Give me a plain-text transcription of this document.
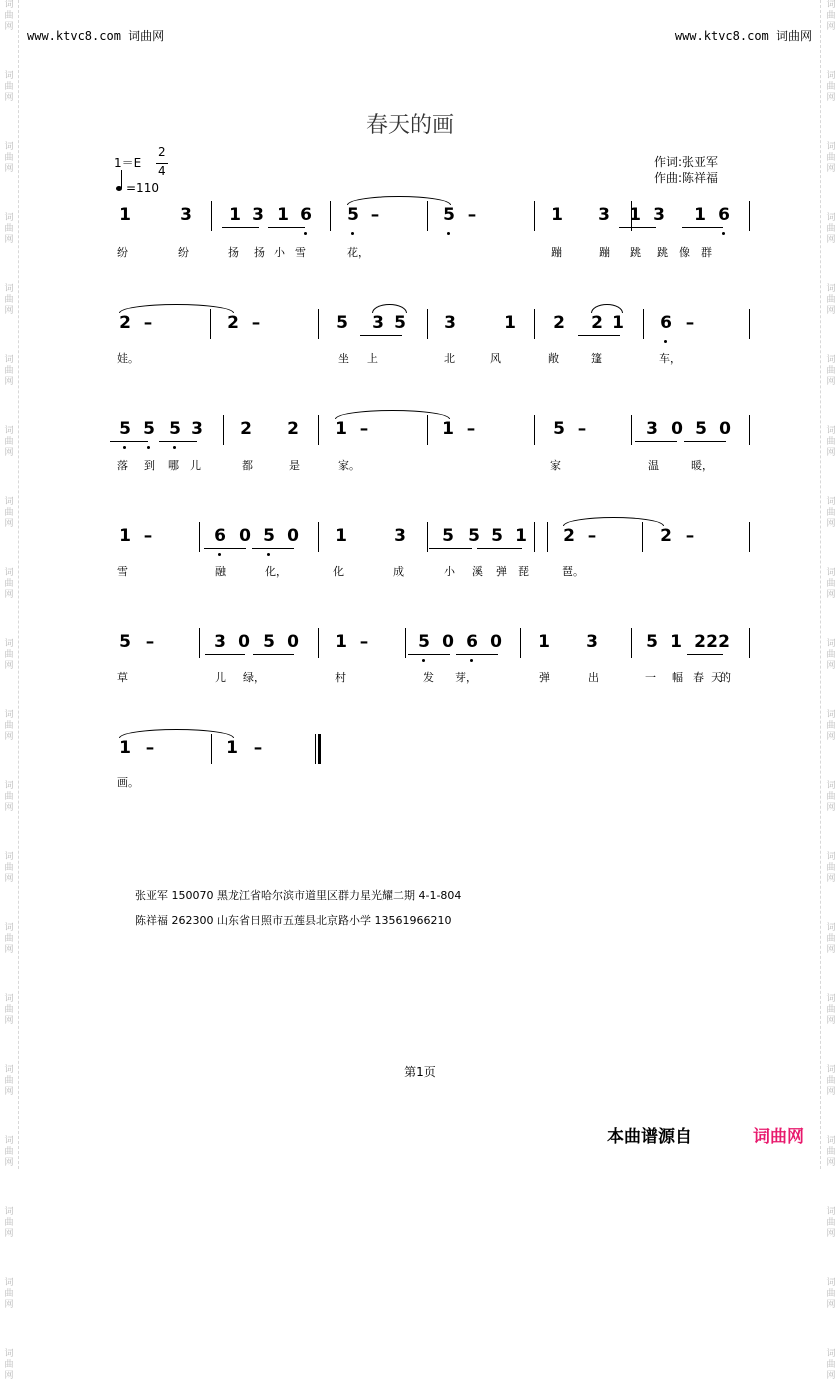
词曲网
词曲网
词曲网
词曲网
词曲网
词曲网
词曲网
词曲网
词曲网
词曲网
词曲网
词曲网
词曲网
词曲网
词曲网
词曲网
词曲网
词曲网
词曲网
词曲网
词曲网
词曲网
词曲网
词曲网
词曲网
词曲网
词曲网
词曲网
词曲网
词曲网
词曲网
词曲网
词曲网
词曲网
词曲网
词曲网
词曲网
词曲网
词曲网
词曲网
www.ktvc8.com 词曲网	www.ktvc8.com 词曲网
春天的画
1＝E
2
4
=110
作词:张亚军
作曲:陈祥福
1	3 1 3 1 6 5 –	5 –	1 3 1 3 1 6
纷	纷	扬 扬 小 雪	花，	蹦	蹦 跳 跳 像 群
2 –	2 –	5 3 5 3	1 2 2 1 6 –
娃。	坐 上	北	风	敞	篷	车，
5 5 5 3 2 2 1 –	1 –	5 –	3 0 5 0
落 到 哪 儿	都	是	家。	家	温	暖，
1 –	6 0 5 0 1	3 5 5 5 1 2 –	2 –
雪	融	化，	化	成	小 溪 弹 琵	琶。
5 –	3 0 5 0 1 –	5 0 6 0 1 3	5 1 2 2 2
草	儿 绿，	村	发 芽，	弹	出	一 幅 春 天
的
1 –	1 –
画。
张亚军 150070 黑龙江省哈尔滨市道里区群力星光耀二期 4-1-804
陈祥福 262300 山东省日照市五莲县北京路小学 13561966210
第1页
本曲谱源自	词曲网
